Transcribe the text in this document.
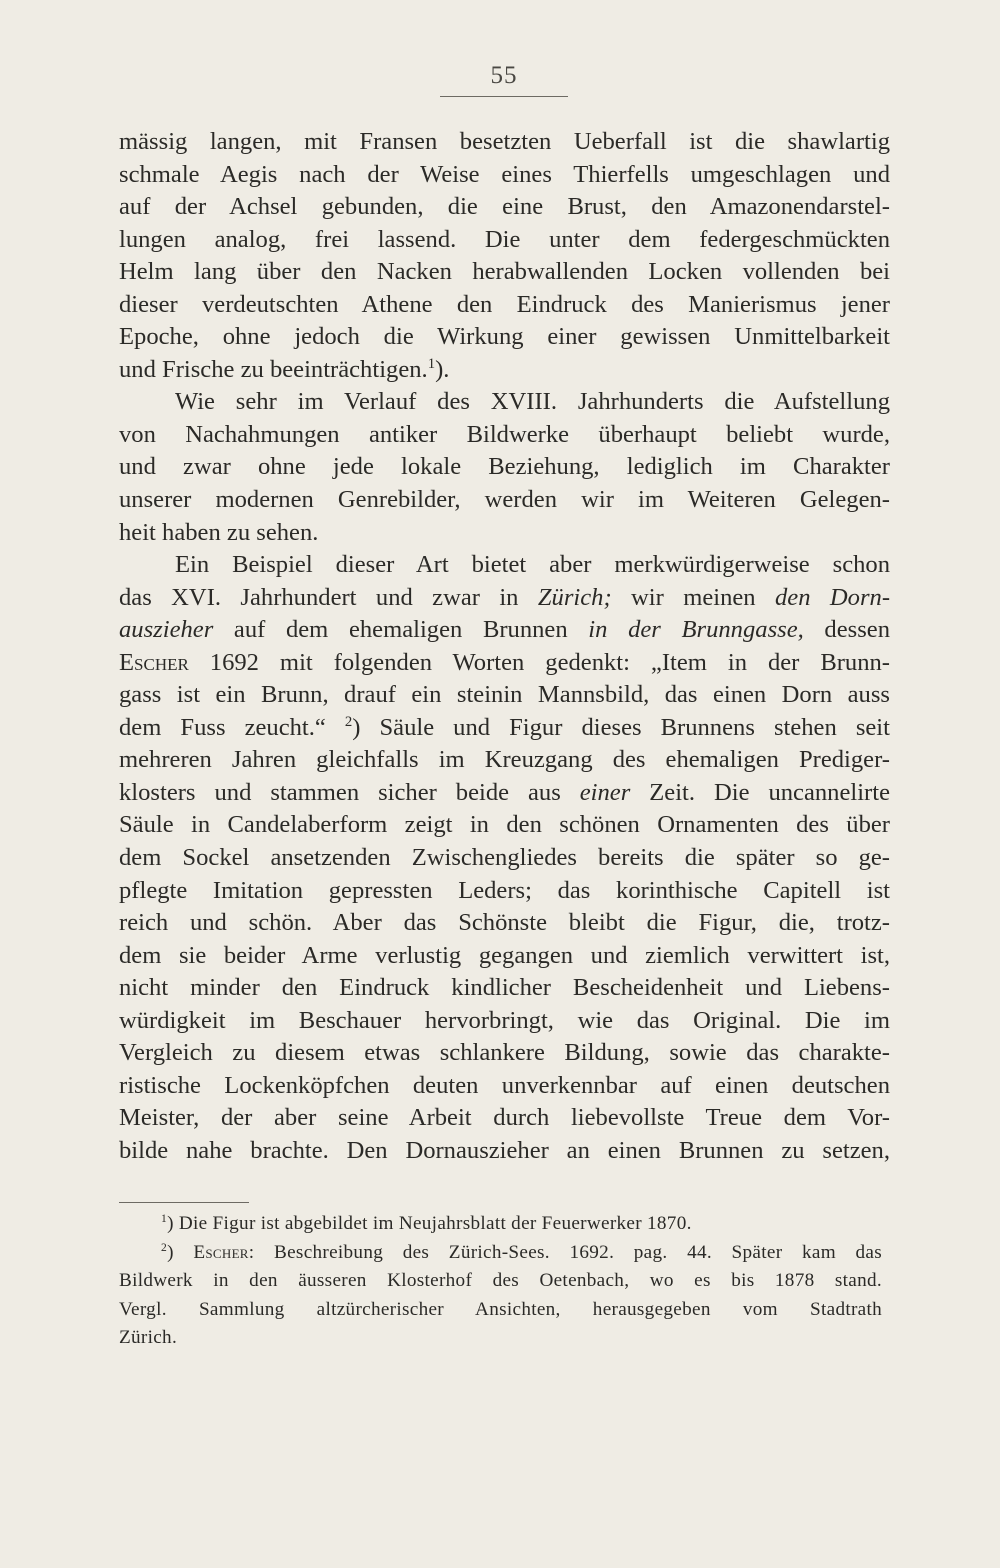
55
mässig langen, mit Fransen besetzten Ueberfall ist die shawlartig
schmale Aegis nach der Weise eines Thierfells umgeschlagen und
auf der Achsel gebunden, die eine Brust, den Amazonendarstel-
lungen analog, frei lassend. Die unter dem federgeschmückten
Helm lang über den Nacken herabwallenden Locken vollenden bei
dieser verdeutschten Athene den Eindruck des Manierismus jener
Epoche, ohne jedoch die Wirkung einer gewissen Unmittelbarkeit
und Frische zu beeinträchtigen.$^1$).
Wie sehr im Verlauf des XVIII. Jahrhunderts die Aufstellung
von Nachahmungen antiker Bildwerke überhaupt beliebt wurde,
und zwar ohne jede lokale Beziehung, lediglich im Charakter
unserer modernen Genrebilder, werden wir im Weiteren Gelegen-
heit haben zu sehen.
Ein Beispiel dieser Art bietet aber merkwürdigerweise schon
das XVI. Jahrhundert und zwar in Zürich; wir meinen den Dorn-
auszieher auf dem ehemaligen Brunnen in der Brunngasse, dessen
Escher 1692 mit folgenden Worten gedenkt: „Item in der Brunn-
gass ist ein Brunn, drauf ein steinin Mannsbild, das einen Dorn auss
dem Fuss zeucht.“ $^2$) Säule und Figur dieses Brunnens stehen seit
mehreren Jahren gleichfalls im Kreuzgang des ehemaligen Prediger-
klosters und stammen sicher beide aus einer Zeit. Die uncannelirte
Säule in Candelaberform zeigt in den schönen Ornamenten des über
dem Sockel ansetzenden Zwischengliedes bereits die später so ge-
pflegte Imitation gepressten Leders; das korinthische Capitell ist
reich und schön. Aber das Schönste bleibt die Figur, die, trotz-
dem sie beider Arme verlustig gegangen und ziemlich verwittert ist,
nicht minder den Eindruck kindlicher Bescheidenheit und Liebens-
würdigkeit im Beschauer hervorbringt, wie das Original. Die im
Vergleich zu diesem etwas schlankere Bildung, sowie das charakte-
ristische Lockenköpfchen deuten unverkennbar auf einen deutschen
Meister, der aber seine Arbeit durch liebevollste Treue dem Vor-
bilde nahe brachte. Den Dornauszieher an einen Brunnen zu setzen,
$^1$) Die Figur ist abgebildet im Neujahrsblatt der Feuerwerker 1870.
$^2$) Escher: Beschreibung des Zürich-Sees. 1692. pag. 44. Später kam das
Bildwerk in den äusseren Klosterhof des Oetenbach, wo es bis 1878 stand.
Vergl. Sammlung altzürcherischer Ansichten, herausgegeben vom Stadtrath
Zürich.
